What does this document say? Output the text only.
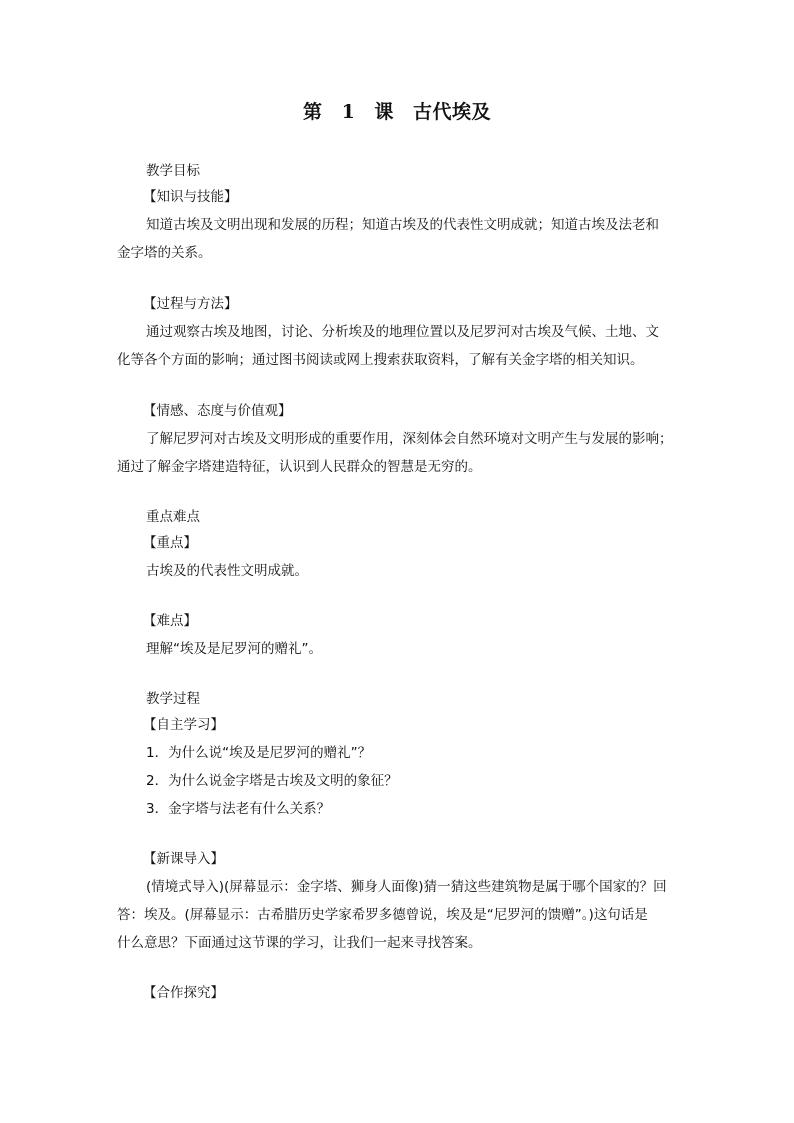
第 1 课 古代埃及
教学目标
【知识与技能】
知道古埃及文明出现和发展的历程；知道古埃及的代表性文明成就；知道古埃及法老和
金字塔的关系。
【过程与方法】
通过观察古埃及地图，讨论、分析埃及的地理位置以及尼罗河对古埃及气候、土地、文
化等各个方面的影响；通过图书阅读或网上搜索获取资料，了解有关金字塔的相关知识。
【情感、态度与价值观】
了解尼罗河对古埃及文明形成的重要作用，深刻体会自然环境对文明产生与发展的影响；
通过了解金字塔建造特征，认识到人民群众的智慧是无穷的。
重点难点
【重点】
古埃及的代表性文明成就。
【难点】
理解“埃及是尼罗河的赠礼”。
教学过程
【自主学习】
1．为什么说“埃及是尼罗河的赠礼”？
2．为什么说金字塔是古埃及文明的象征？
3．金字塔与法老有什么关系？
【新课导入】
(情境式导入)(屏幕显示：金字塔、狮身人面像)猜一猜这些建筑物是属于哪个国家的？回
答：埃及。(屏幕显示：古希腊历史学家希罗多德曾说，埃及是“尼罗河的馈赠”。)这句话是
什么意思？下面通过这节课的学习，让我们一起来寻找答案。
【合作探究】
